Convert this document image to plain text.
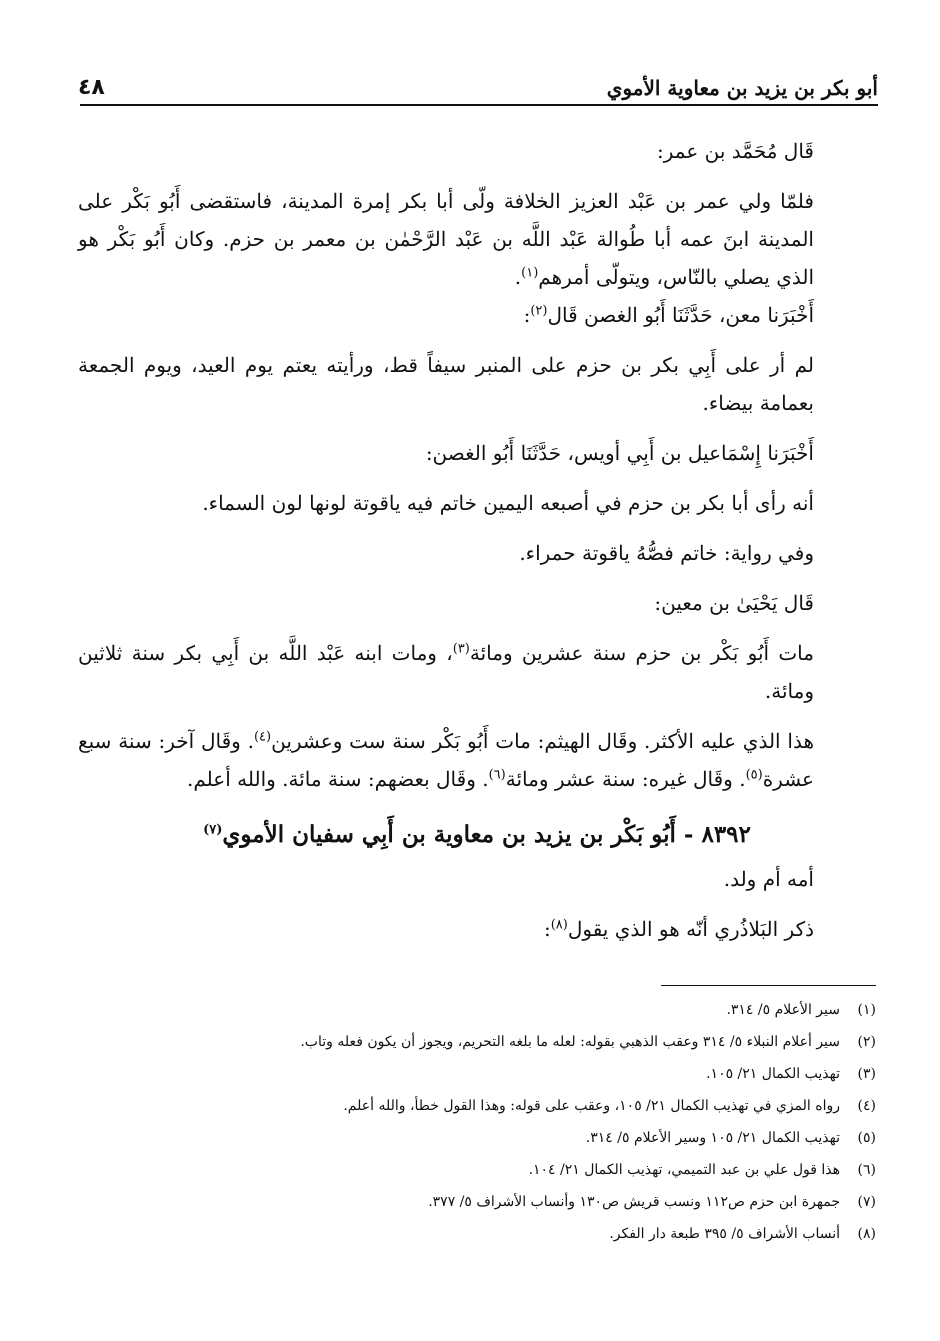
أبو بكر بن يزيد بن معاوية الأموي
٤٨

قَال مُحَمَّد بن عمر:

فلمّا ولي عمر بن عَبْد العزيز الخلافة ولّى أبا بكر إمرة المدينة، فاستقضى أَبُو بَكْر على المدينة ابنَ عمه أبا طُوالة عَبْد اللَّه بن عَبْد الرَّحْمٰن بن معمر بن حزم. وكان أَبُو بَكْر هو الذي يصلي بالنّاس، ويتولّى أمرهم$^{(١)}$.

أَخْبَرَنا معن، حَدَّثَنَا أَبُو الغصن قَال$^{(٢)}$:

لم أر على أَبِي بكر بن حزم على المنبر سيفاً قط، ورأيته يعتم يوم العيد، ويوم الجمعة بعمامة بيضاء.

أَخْبَرَنا إِسْمَاعيل بن أَبِي أويس، حَدَّثَنَا أَبُو الغصن:

أنه رأى أبا بكر بن حزم في أصبعه اليمين خاتم فيه ياقوتة لونها لون السماء.

وفي رواية: خاتم فصُّهُ ياقوتة حمراء.

قَال يَحْيَىٰ بن معين:

مات أَبُو بَكْر بن حزم سنة عشرين ومائة$^{(٣)}$، ومات ابنه عَبْد اللَّه بن أَبِي بكر سنة ثلاثين ومائة.

هذا الذي عليه الأكثر. وقَال الهيثم: مات أَبُو بَكْر سنة ست وعشرين$^{(٤)}$. وقَال آخر: سنة سبع عشرة$^{(٥)}$. وقَال غيره: سنة عشر ومائة$^{(٦)}$. وقَال بعضهم: سنة مائة. والله أعلم.

٨٣٩٢ - أَبُو بَكْر بن يزيد بن معاوية بن أَبِي سفيان الأموي$^{(٧)}$

أمه أم ولد.

ذكر البَلاذُري أنّه هو الذي يقول$^{(٨)}$:

(١)
سير الأعلام ٥/ ٣١٤.
(٢)
سير أعلام النبلاء ٥/ ٣١٤ وعقب الذهبي بقوله: لعله ما بلغه التحريم، ويجوز أن يكون فعله وتاب.
(٣)
تهذيب الكمال ٢١/ ١٠٥.
(٤)
رواه المزي في تهذيب الكمال ٢١/ ١٠٥، وعقب على قوله: وهذا القول خطأ، والله أعلم.
(٥)
تهذيب الكمال ٢١/ ١٠٥ وسير الأعلام ٥/ ٣١٤.
(٦)
هذا قول علي بن عبد التميمي، تهذيب الكمال ٢١/ ١٠٤.
(٧)
جمهرة ابن حزم ص١١٢ ونسب قريش ص١٣٠ وأنساب الأشراف ٥/ ٣٧٧.
(٨)
أنساب الأشراف ٥/ ٣٩٥ طبعة دار الفكر.
